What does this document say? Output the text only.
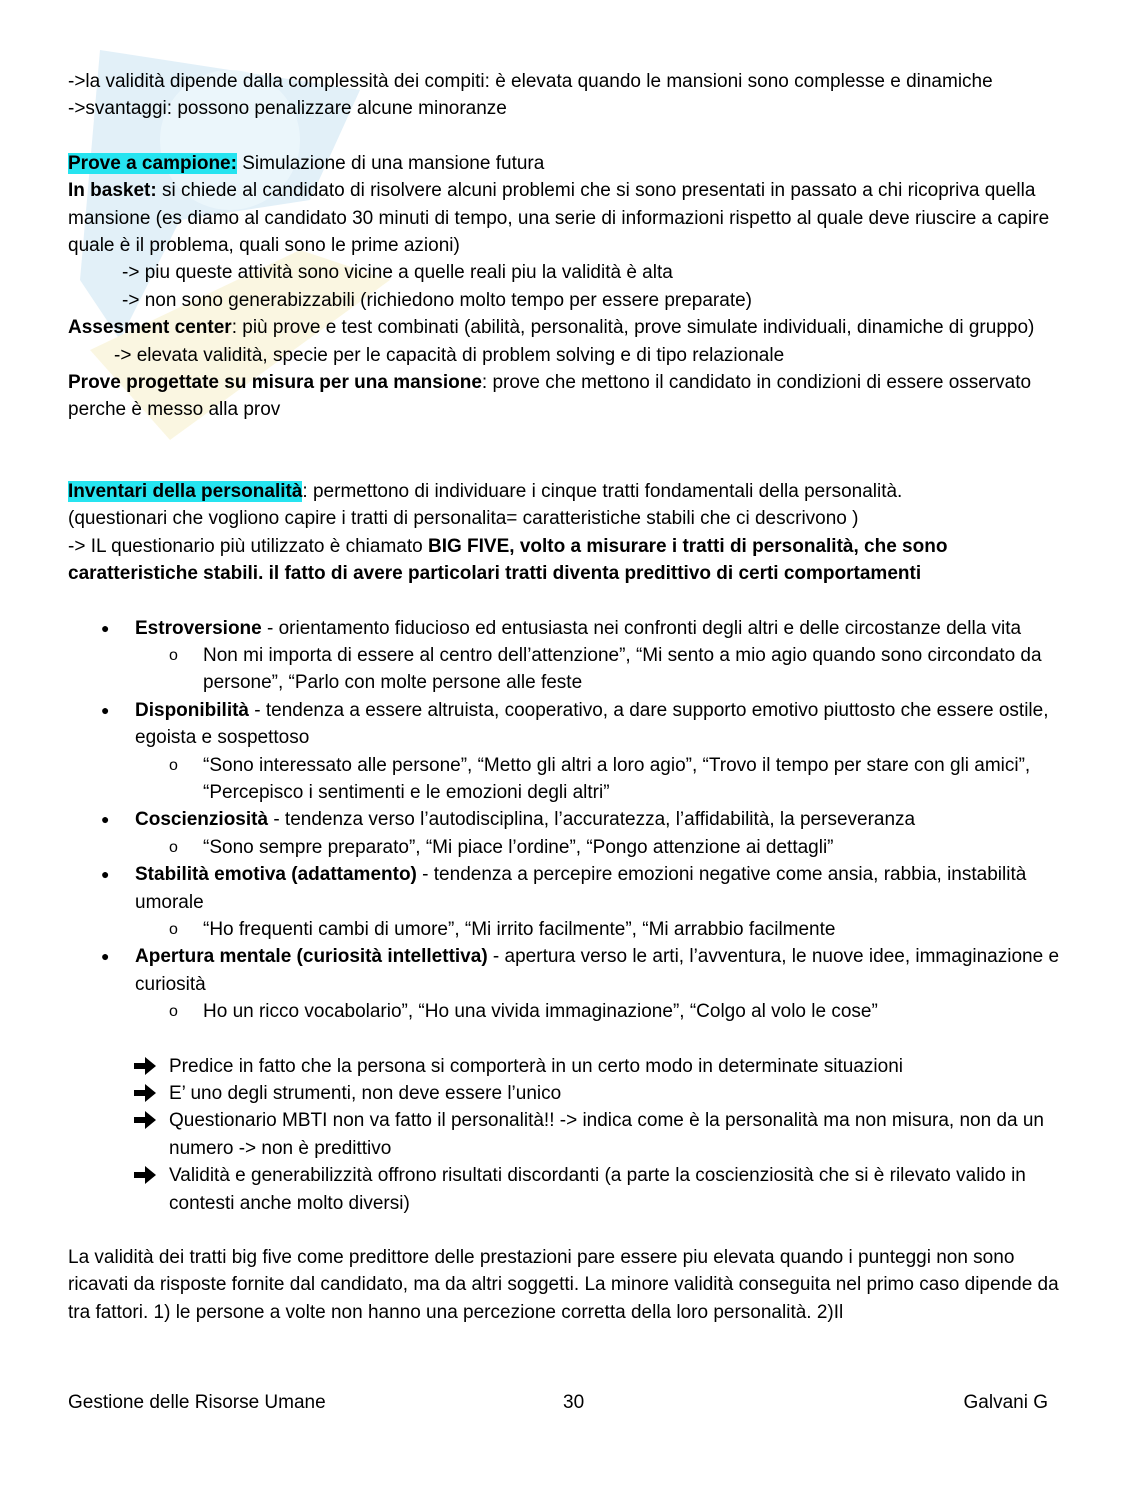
->la validità dipende dalla complessità dei compiti: è elevata quando le mansioni sono complesse e dinamiche

->svantaggi: possono penalizzare alcune minoranze

Prove a campione: Simulazione di una mansione futura

In basket: si chiede al candidato di risolvere alcuni problemi che si sono presentati in passato a chi ricopriva quella mansione (es diamo al candidato 30 minuti di tempo, una serie di informazioni rispetto al quale deve riuscire a capire quale è il problema, quali sono le prime azioni)

-> piu queste attività sono vicine a quelle reali piu la validità è alta

-> non sono generabizzabili (richiedono molto tempo per essere preparate)

Assesment center: più prove e test combinati (abilità, personalità, prove simulate individuali, dinamiche di gruppo)

-> elevata validità, specie per le capacità di problem solving e di tipo relazionale

Prove progettate su misura per una mansione: prove che mettono il candidato in condizioni di essere osservato perche è messo alla prov

Inventari della personalità: permettono di individuare i cinque tratti fondamentali della personalità.

(questionari che vogliono capire i tratti di personalita= caratteristiche stabili che ci descrivono )

-> IL questionario più utilizzato è chiamato BIG FIVE, volto a misurare i tratti di personalità, che sono caratteristiche stabili. il fatto di avere particolari tratti diventa predittivo di certi comportamenti

● Estroversione - orientamento fiducioso ed entusiasta nei confronti degli altri e delle circostanze della vita
o Non mi importa di essere al centro dell’attenzione”, “Mi sento a mio agio quando sono circondato da persone”, “Parlo con molte persone alle feste
● Disponibilità - tendenza a essere altruista, cooperativo, a dare supporto emotivo piuttosto che essere ostile, egoista e sospettoso
o “Sono interessato alle persone”, “Metto gli altri a loro agio”, “Trovo il tempo per stare con gli amici”, “Percepisco i sentimenti e le emozioni degli altri”
● Coscienziosità - tendenza verso l’autodisciplina, l’accuratezza, l’affidabilità, la perseveranza
o “Sono sempre preparato”, “Mi piace l’ordine”, “Pongo attenzione ai dettagli”
● Stabilità emotiva (adattamento) - tendenza a percepire emozioni negative come ansia, rabbia, instabilità umorale
o “Ho frequenti cambi di umore”, “Mi irrito facilmente”, “Mi arrabbio facilmente
● Apertura mentale (curiosità intellettiva) - apertura verso le arti, l’avventura, le nuove idee, immaginazione e curiosità
o Ho un ricco vocabolario”, “Ho una vivida immaginazione”, “Colgo al volo le cose”

Predice in fatto che la persona si comporterà in un certo modo in determinate situazioni

E’ uno degli strumenti, non deve essere l’unico

Questionario MBTI non va fatto il personalità!! -> indica come è la personalità ma non misura, non da un numero -> non è predittivo

Validità e generabilizzità offrono risultati discordanti (a parte la coscienziosità che si è rilevato valido in contesti anche molto diversi)

La validità dei tratti big five come predittore delle prestazioni pare essere piu elevata quando i punteggi non sono ricavati da risposte fornite dal candidato, ma da altri soggetti. La minore validità conseguita nel primo caso dipende da tra fattori. 1) le persone a volte non hanno una percezione corretta della loro personalità. 2)Il

Gestione delle Risorse Umane	30	Galvani G
